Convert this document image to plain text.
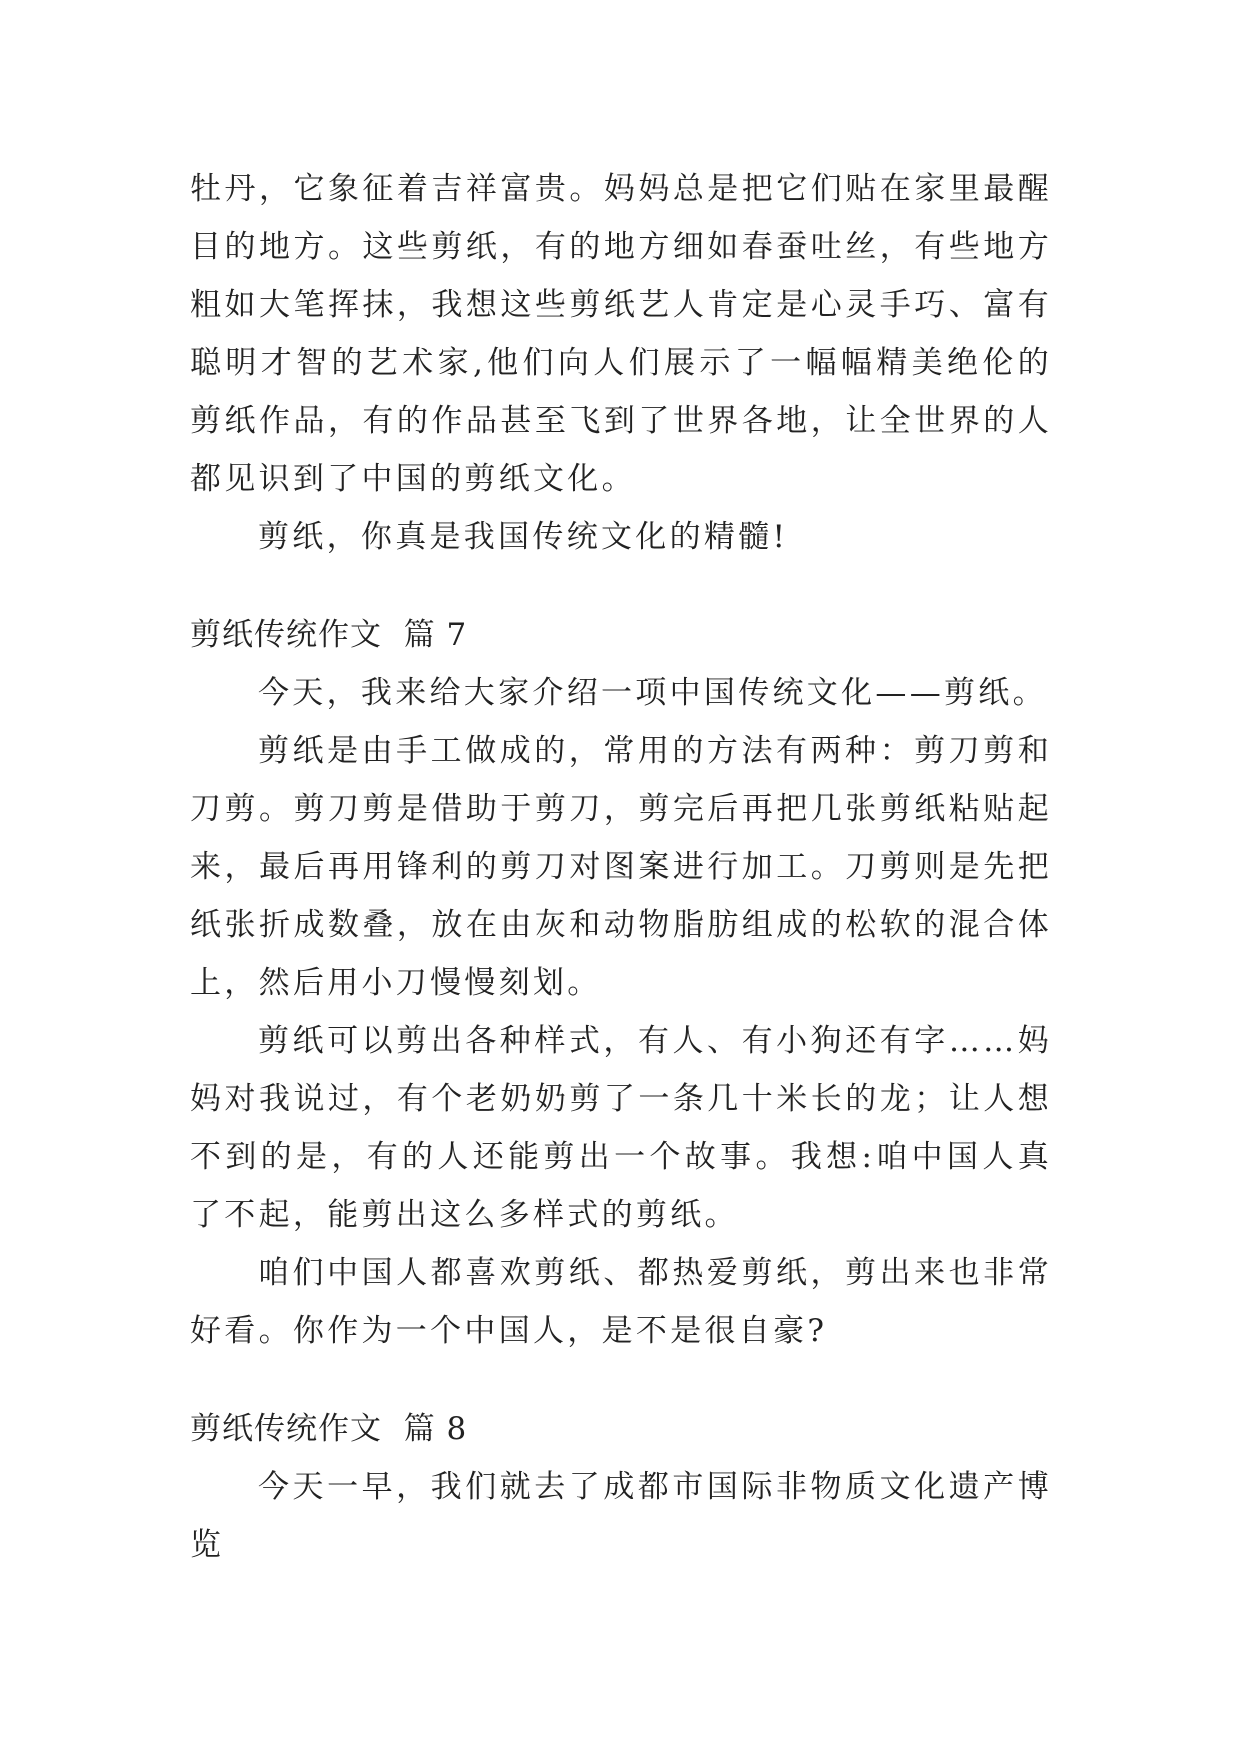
牡丹，它象征着吉祥富贵。妈妈总是把它们贴在家里最醒目的地方。这些剪纸，有的地方细如春蚕吐丝，有些地方粗如大笔挥抹，我想这些剪纸艺人肯定是心灵手巧、富有聪明才智的艺术家,他们向人们展示了一幅幅精美绝伦的剪纸作品，有的作品甚至飞到了世界各地，让全世界的人都见识到了中国的剪纸文化。

剪纸，你真是我国传统文化的精髓!

剪纸传统作文  篇 7

今天，我来给大家介绍一项中国传统文化——剪纸。

剪纸是由手工做成的，常用的方法有两种：剪刀剪和刀剪。剪刀剪是借助于剪刀，剪完后再把几张剪纸粘贴起来，最后再用锋利的剪刀对图案进行加工。刀剪则是先把纸张折成数叠，放在由灰和动物脂肪组成的松软的混合体上，然后用小刀慢慢刻划。

剪纸可以剪出各种样式，有人、有小狗还有字……妈妈对我说过，有个老奶奶剪了一条几十米长的龙；让人想不到的是，有的人还能剪出一个故事。我想:咱中国人真了不起，能剪出这么多样式的剪纸。

咱们中国人都喜欢剪纸、都热爱剪纸，剪出来也非常好看。你作为一个中国人，是不是很自豪?

剪纸传统作文  篇 8

今天一早，我们就去了成都市国际非物质文化遗产博览
